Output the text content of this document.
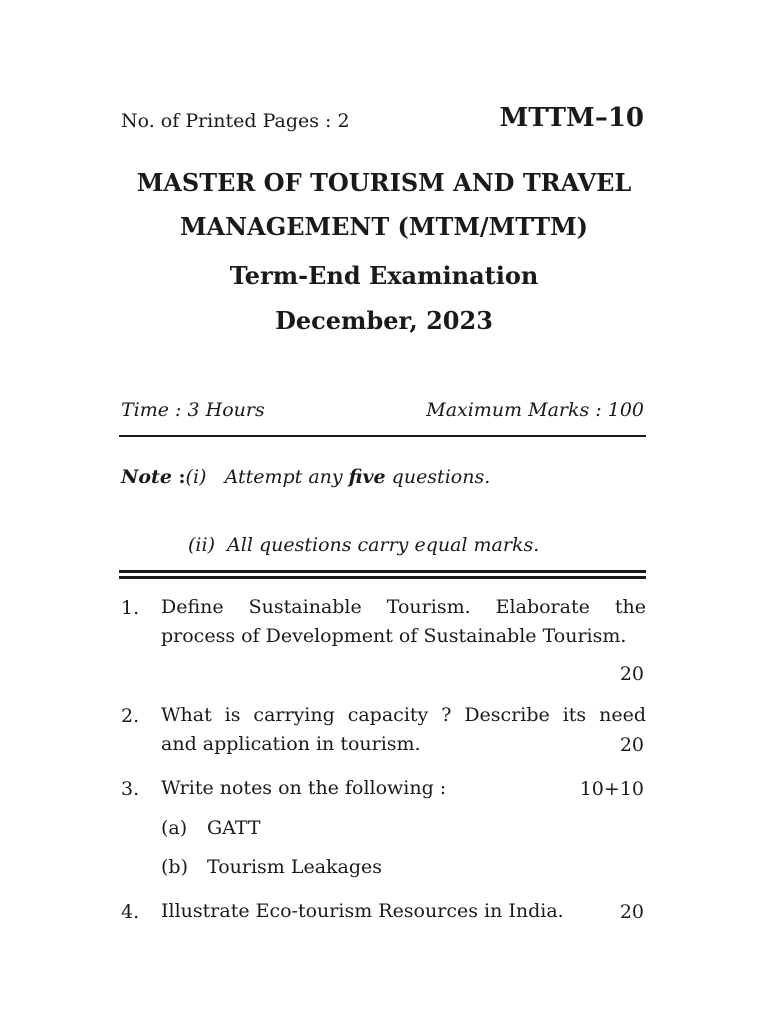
No. of Printed Pages : 2	MTTM–10
MASTER OF TOURISM AND TRAVEL
MANAGEMENT (MTM/MTTM)
Term-End Examination
December, 2023
Time : 3 Hours	Maximum Marks : 100
Note :(i)   Attempt any five questions.
(ii)  All questions carry equal marks.
1. Define Sustainable Tourism. Elaborate the
process of Development of Sustainable Tourism.
20
2. What is carrying capacity ? Describe its need
and application in tourism.	20
3. Write notes on the following :	10+10
(a) GATT
(b) Tourism Leakages
4. Illustrate Eco-tourism Resources in India.	20
